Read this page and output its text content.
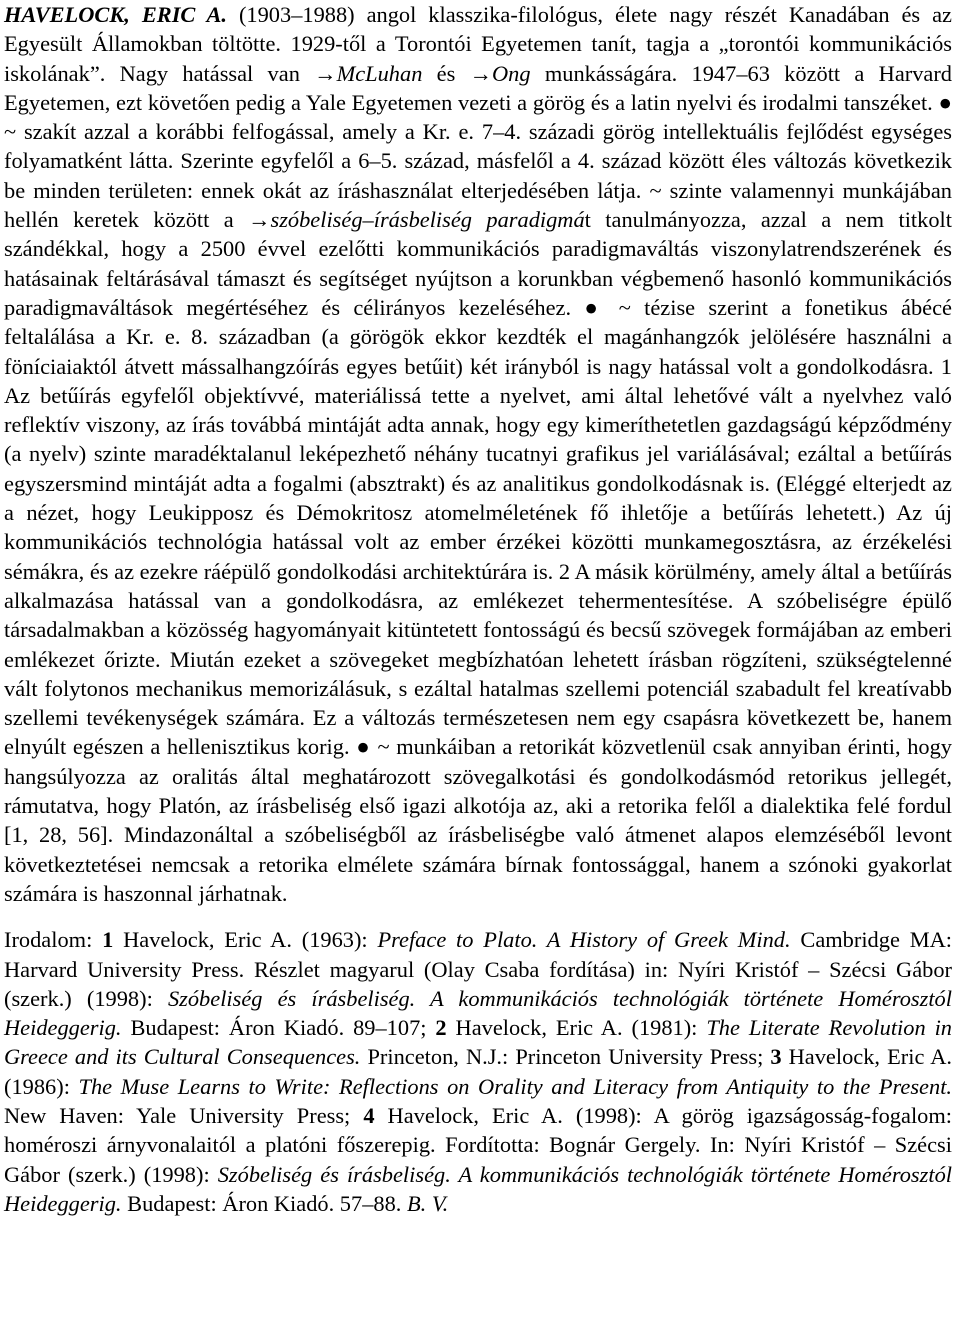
HAVELOCK, ERIC A. (1903–1988) angol klasszika-filológus, élete nagy részét Kanadában és az Egyesült Államokban töltötte. 1929-től a Torontói Egyetemen tanít, tagja a „torontói kommunikációs iskolának”. Nagy hatással van →McLuhan és →Ong munkásságára. 1947–63 között a Harvard Egyetemen, ezt követően pedig a Yale Egyetemen vezeti a görög és a latin nyelvi és irodalmi tanszéket. ● ~ szakít azzal a korábbi felfogással, amely a Kr. e. 7–4. századi görög intellektuális fejlődést egységes folyamatként látta. Szerinte egyfelől a 6–5. század, másfelől a 4. század között éles változás következik be minden területen: ennek okát az íráshasználat elterjedésében látja. ~ szinte valamennyi munkájában hellén keretek között a →szóbeliség–írásbeliség paradigmát tanulmányozza, azzal a nem titkolt szándékkal, hogy a 2500 évvel ezelőtti kommunikációs paradigmaváltás viszonylatrendszerének és hatásainak feltárásával támaszt és segítséget nyújtson a korunkban végbemenő hasonló kommunikációs paradigmaváltások megértéséhez és célirányos kezeléséhez. ● ~ tézise szerint a fonetikus ábécé feltalálása a Kr. e. 8. században (a görögök ekkor kezdték el magánhangzók jelölésére használni a föníciaiaktól átvett mássalhangzóírás egyes betűit) két irányból is nagy hatással volt a gondolkodásra. 1 Az betűírás egyfelől objektívvé, materiálissá tette a nyelvet, ami által lehetővé vált a nyelvhez való reflektív viszony, az írás továbbá mintáját adta annak, hogy egy kimeríthetetlen gazdagságú képződmény (a nyelv) szinte maradéktalanul leképezhető néhány tucatnyi grafikus jel variálásával; ezáltal a betűírás egyszersmind mintáját adta a fogalmi (absztrakt) és az analitikus gondolkodásnak is. (Eléggé elterjedt az a nézet, hogy Leukipposz és Démokritosz atomelméletének fő ihletője a betűírás lehetett.) Az új kommunikációs technológia hatással volt az ember érzékei közötti munkamegosztásra, az érzékelési sémákra, és az ezekre ráépülő gondolkodási architektúrára is. 2 A másik körülmény, amely által a betűírás alkalmazása hatással van a gondolkodásra, az emlékezet tehermentesítése. A szóbeliségre épülő társadalmakban a közösség hagyományait kitüntetett fontosságú és becsű szövegek formájában az emberi emlékezet őrizte. Miután ezeket a szövegeket megbízhatóan lehetett írásban rögzíteni, szükségtelenné vált folytonos mechanikus memorizálásuk, s ezáltal hatalmas szellemi potenciál szabadult fel kreatívabb szellemi tevékenységek számára. Ez a változás természetesen nem egy csapásra következett be, hanem elnyúlt egészen a hellenisztikus korig. ● ~ munkáiban a retorikát közvetlenül csak annyiban érinti, hogy hangsúlyozza az oralitás által meghatározott szövegalkotási és gondolkodásmód retorikus jellegét, rámutatva, hogy Platón, az írásbeliség első igazi alkotója az, aki a retorika felől a dialektika felé fordul [1, 28, 56]. Mindazonáltal a szóbeliségből az írásbeliségbe való átmenet alapos elemzéséből levont következtetései nemcsak a retorika elmélete számára bírnak fontossággal, hanem a szónoki gyakorlat számára is haszonnal járhatnak.

Irodalom: 1 Havelock, Eric A. (1963): Preface to Plato. A History of Greek Mind. Cambridge MA: Harvard University Press. Részlet magyarul (Olay Csaba fordítása) in: Nyíri Kristóf – Szécsi Gábor (szerk.) (1998): Szóbeliség és írásbeliség. A kommunikációs technológiák története Homérosztól Heideggerig. Budapest: Áron Kiadó. 89–107; 2 Havelock, Eric A. (1981): The Literate Revolution in Greece and its Cultural Consequences. Princeton, N.J.: Princeton University Press; 3 Havelock, Eric A. (1986): The Muse Learns to Write: Reflections on Orality and Literacy from Antiquity to the Present. New Haven: Yale University Press; 4 Havelock, Eric A. (1998): A görög igazságosság-fogalom: homéroszi árnyvonalaitól a platóni főszerepig. Fordította: Bognár Gergely. In: Nyíri Kristóf – Szécsi Gábor (szerk.) (1998): Szóbeliség és írásbeliség. A kommunikációs technológiák története Homérosztól Heideggerig. Budapest: Áron Kiadó. 57–88. B. V.
